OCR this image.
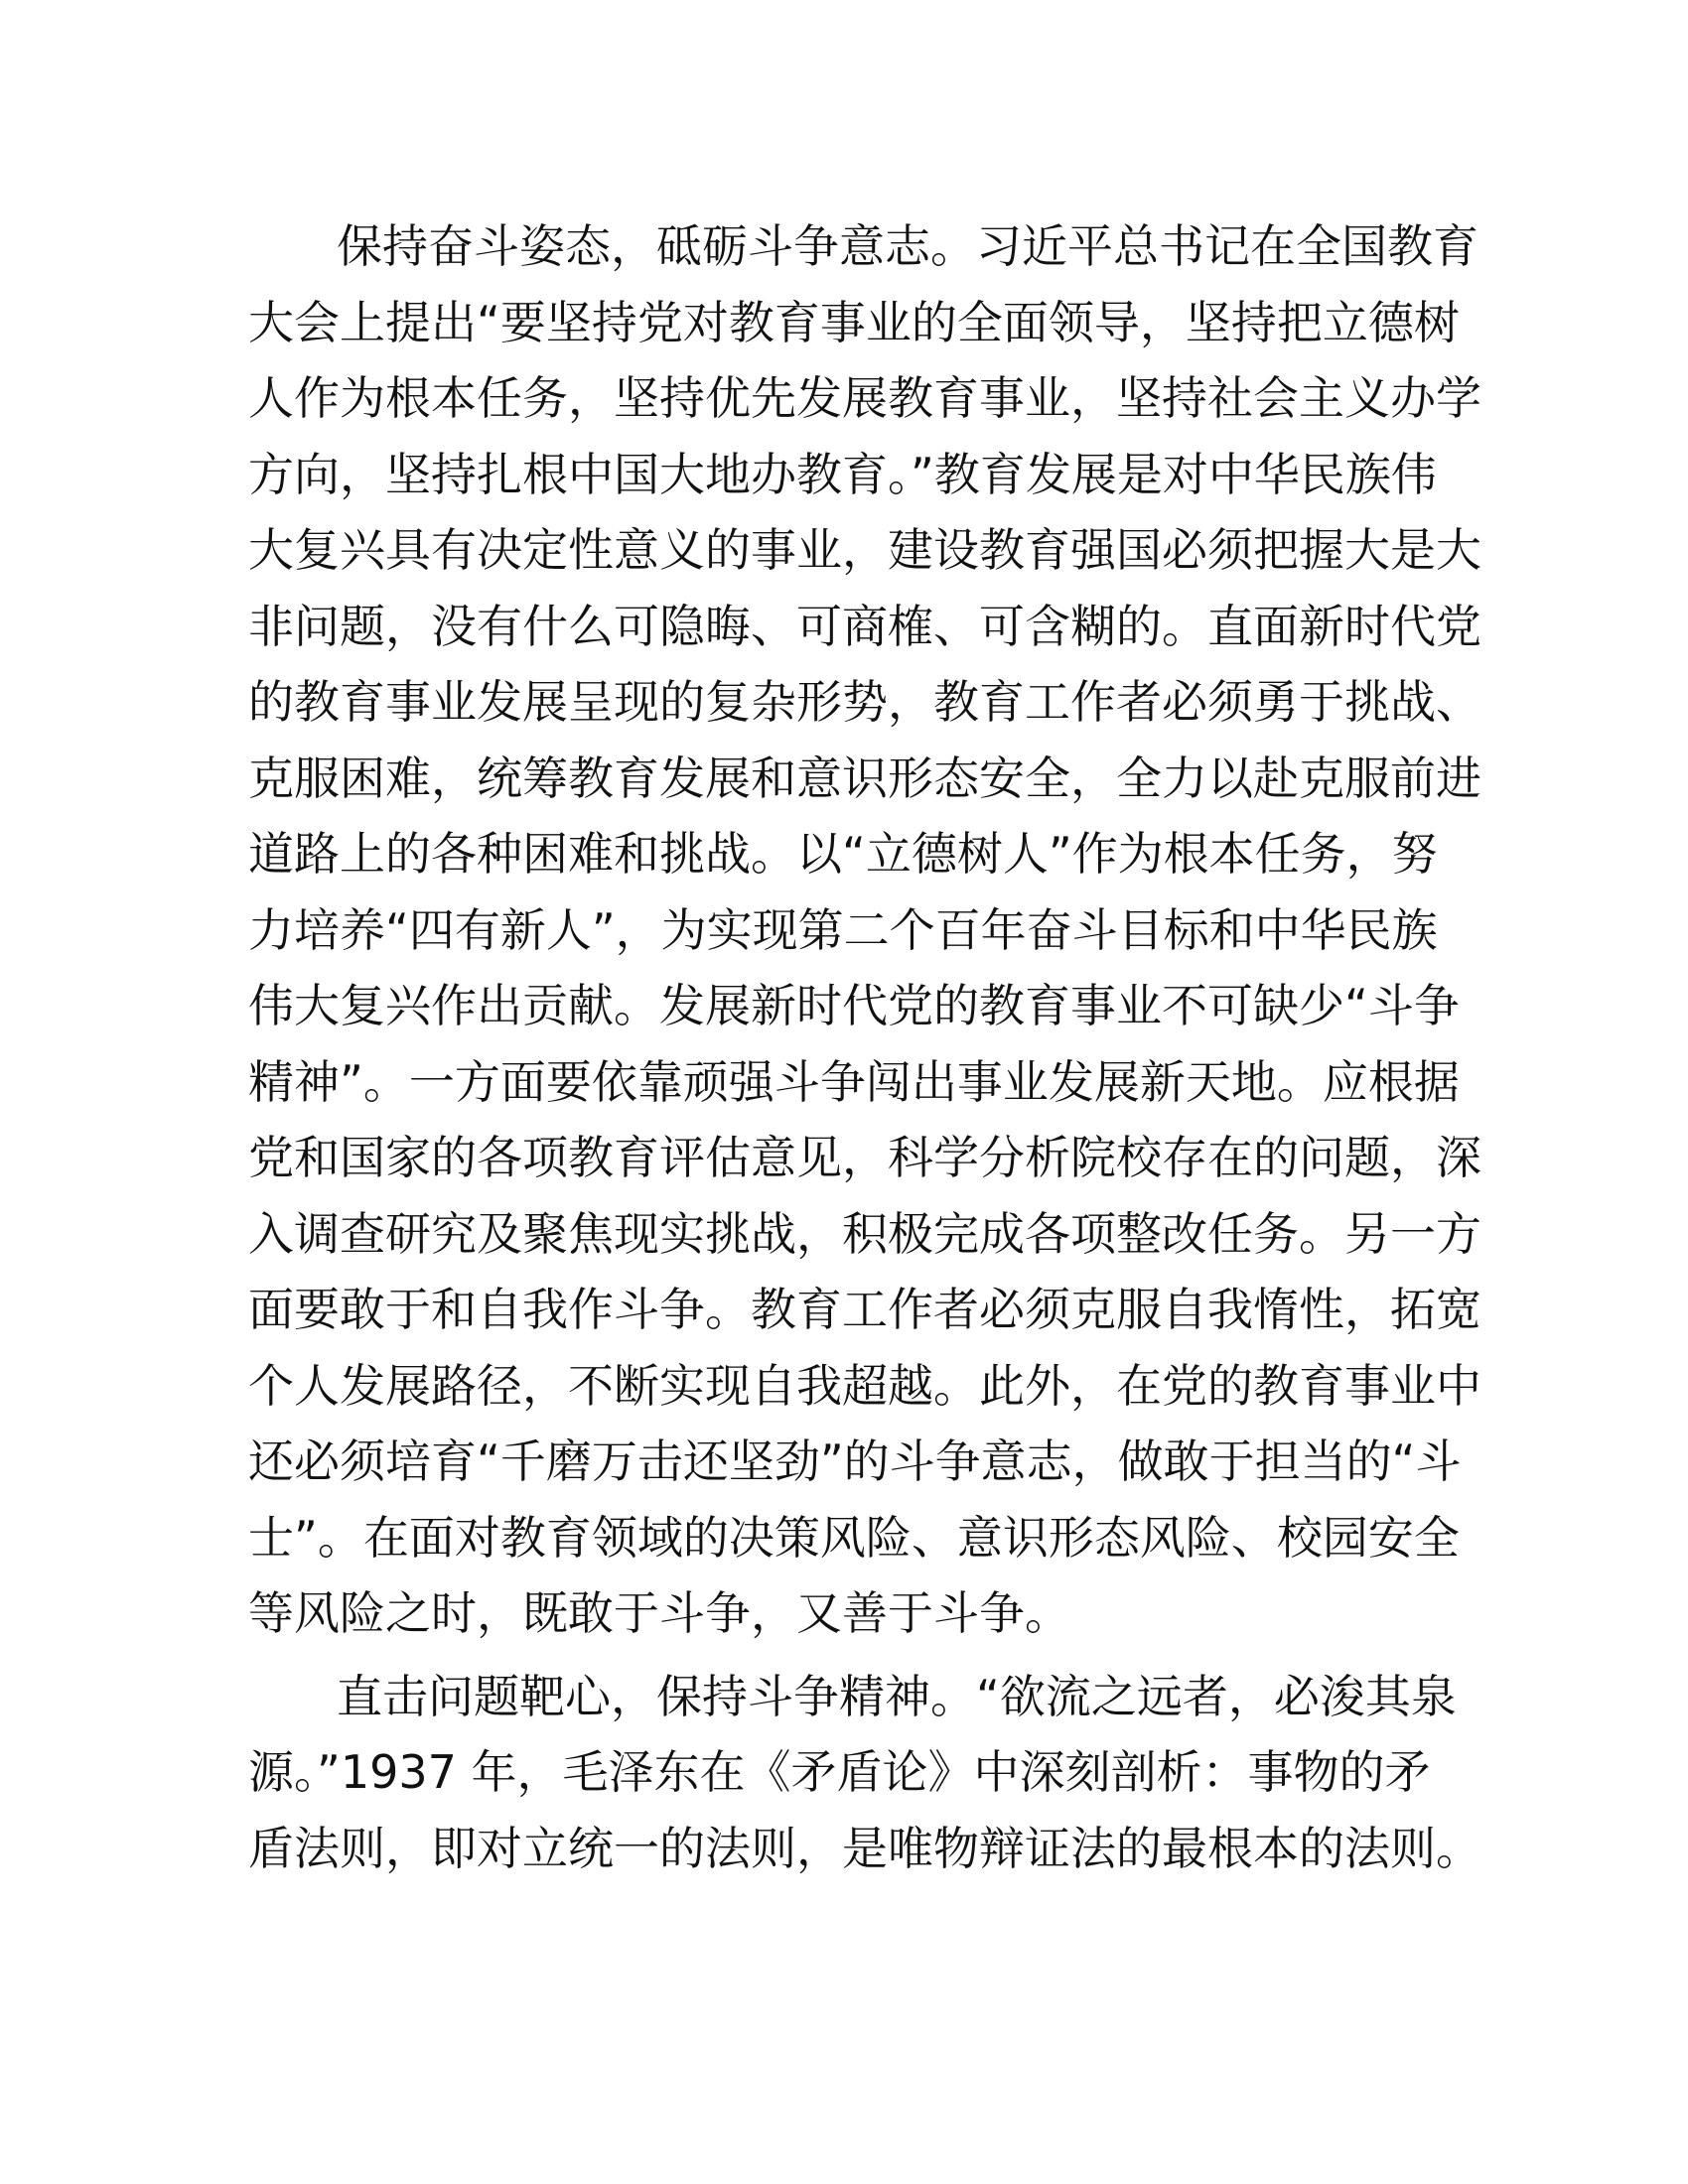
保持奋斗姿态，砥砺斗争意志。习近平总书记在全国教育
大会上提出“要坚持党对教育事业的全面领导，坚持把立德树
人作为根本任务，坚持优先发展教育事业，坚持社会主义办学
方向，坚持扎根中国大地办教育。”教育发展是对中华民族伟
大复兴具有决定性意义的事业，建设教育强国必须把握大是大
非问题，没有什么可隐晦、可商榷、可含糊的。直面新时代党
的教育事业发展呈现的复杂形势，教育工作者必须勇于挑战、
克服困难，统筹教育发展和意识形态安全，全力以赴克服前进
道路上的各种困难和挑战。以“立德树人”作为根本任务，努
力培养“四有新人”，为实现第二个百年奋斗目标和中华民族
伟大复兴作出贡献。发展新时代党的教育事业不可缺少“斗争
精神”。一方面要依靠顽强斗争闯出事业发展新天地。应根据
党和国家的各项教育评估意见，科学分析院校存在的问题，深
入调查研究及聚焦现实挑战，积极完成各项整改任务。另一方
面要敢于和自我作斗争。教育工作者必须克服自我惰性，拓宽
个人发展路径，不断实现自我超越。此外，在党的教育事业中
还必须培育“千磨万击还坚劲”的斗争意志，做敢于担当的“斗
士”。在面对教育领域的决策风险、意识形态风险、校园安全
等风险之时，既敢于斗争，又善于斗争。

直击问题靶心，保持斗争精神。“欲流之远者，必浚其泉
源。”1937 年，毛泽东在《矛盾论》中深刻剖析：事物的矛
盾法则，即对立统一的法则，是唯物辩证法的最根本的法则。
